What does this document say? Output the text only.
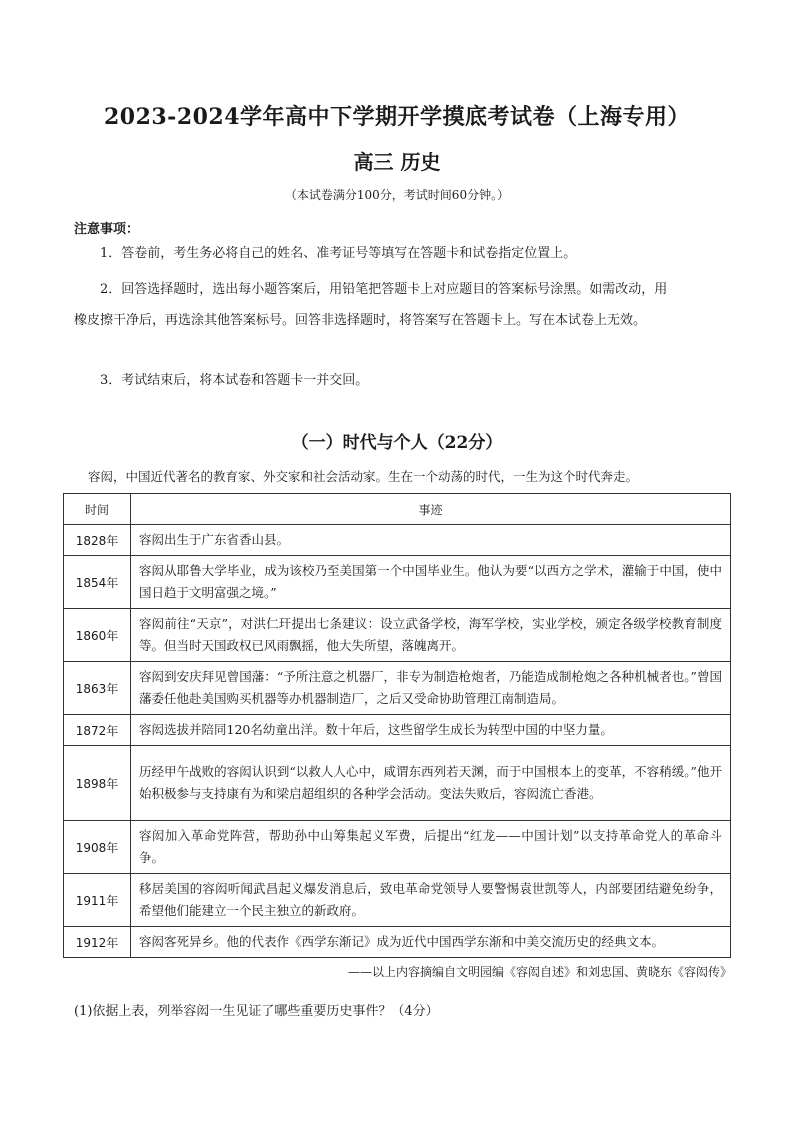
2023-2024学年高中下学期开学摸底考试卷（上海专用）
高三 历史
（本试卷满分100分，考试时间60分钟。）
注意事项：
1．答卷前，考生务必将自己的姓名、准考证号等填写在答题卡和试卷指定位置上。
2．回答选择题时，选出每小题答案后，用铅笔把答题卡上对应题目的答案标号涂黑。如需改动，用橡皮擦干净后，再选涂其他答案标号。回答非选择题时，将答案写在答题卡上。写在本试卷上无效。
3．考试结束后，将本试卷和答题卡一并交回。
（一）时代与个人（22分）
容闳，中国近代著名的教育家、外交家和社会活动家。生在一个动荡的时代，一生为这个时代奔走。
时间	事迹
1828年	容闳出生于广东省香山县。
1854年	容闳从耶鲁大学毕业，成为该校乃至美国第一个中国毕业生。他认为要“以西方之学术，灌输于中国，使中国日趋于文明富强之境。”
1860年	容闳前往“天京”，对洪仁玕提出七条建议：设立武备学校，海军学校，实业学校，颁定各级学校教育制度等。但当时天国政权已风雨飘摇，他大失所望，落魄离开。
1863年	容闳到安庆拜见曾国藩：“予所注意之机器厂，非专为制造枪炮者，乃能造成制枪炮之各种机械者也。”曾国藩委任他赴美国购买机器等办机器制造厂，之后又受命协助管理江南制造局。
1872年	容闳选拔并陪同120名幼童出洋。数十年后，这些留学生成长为转型中国的中坚力量。
1898年	历经甲午战败的容闳认识到“以救人人心中，咸谓东西列若天渊，而于中国根本上的变革，不容稍缓。”他开始积极参与支持康有为和梁启超组织的各种学会活动。变法失败后，容闳流亡香港。
1908年	容闳加入革命党阵营，帮助孙中山筹集起义军费，后提出“红龙——中国计划”以支持革命党人的革命斗争。
1911年	移居美国的容闳听闻武昌起义爆发消息后，致电革命党领导人要警惕袁世凯等人，内部要团结避免纷争，希望他们能建立一个民主独立的新政府。
1912年	容闳客死异乡。他的代表作《西学东渐记》成为近代中国西学东渐和中美交流历史的经典文本。
——以上内容摘编自文明园编《容闳自述》和刘忠国、黄晓东《容闳传》
(1)依据上表，列举容闳一生见证了哪些重要历史事件？（4分）
